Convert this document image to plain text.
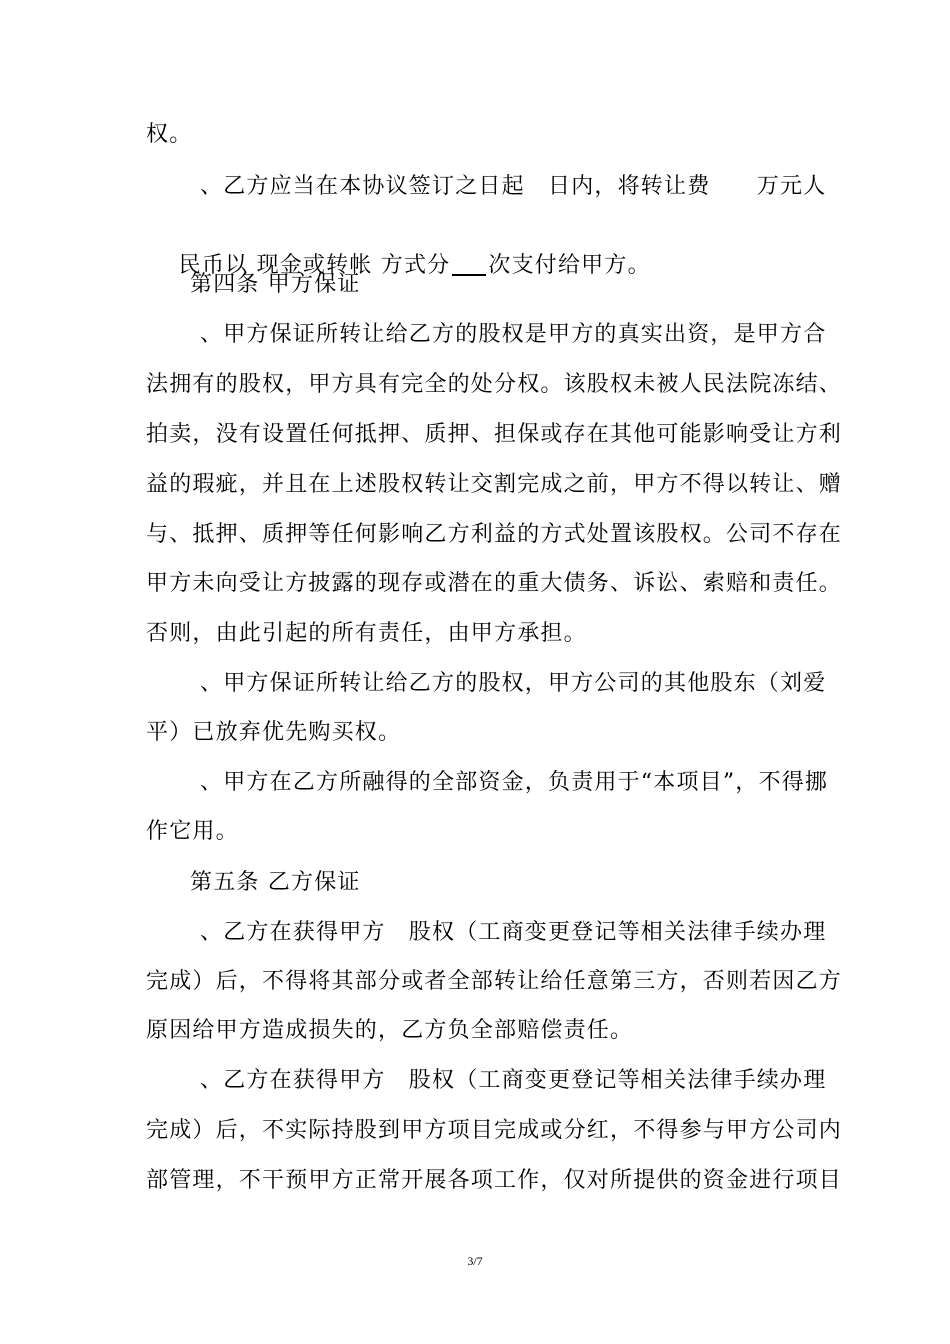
权。
、乙方应当在本协议签订之日起　日内，将转让费　　万元人

民币以 现金或转帐 方式分 次支付给甲方。

第四条 甲方保证
、甲方保证所转让给乙方的股权是甲方的真实出资，是甲方合
法拥有的股权，甲方具有完全的处分权。该股权未被人民法院冻结、
拍卖，没有设置任何抵押、质押、担保或存在其他可能影响受让方利
益的瑕疵，并且在上述股权转让交割完成之前，甲方不得以转让、赠
与、抵押、质押等任何影响乙方利益的方式处置该股权。公司不存在
甲方未向受让方披露的现存或潜在的重大债务、诉讼、索赔和责任。
否则，由此引起的所有责任，由甲方承担。
、甲方保证所转让给乙方的股权，甲方公司的其他股东（刘爱
平）已放弃优先购买权。
、甲方在乙方所融得的全部资金，负责用于“本项目”，不得挪
作它用。
第五条 乙方保证
、乙方在获得甲方　股权（工商变更登记等相关法律手续办理
完成）后，不得将其部分或者全部转让给任意第三方，否则若因乙方
原因给甲方造成损失的，乙方负全部赔偿责任。
、乙方在获得甲方　股权（工商变更登记等相关法律手续办理
完成）后，不实际持股到甲方项目完成或分红，不得参与甲方公司内
部管理，不干预甲方正常开展各项工作，仅对所提供的资金进行项目
3/7
